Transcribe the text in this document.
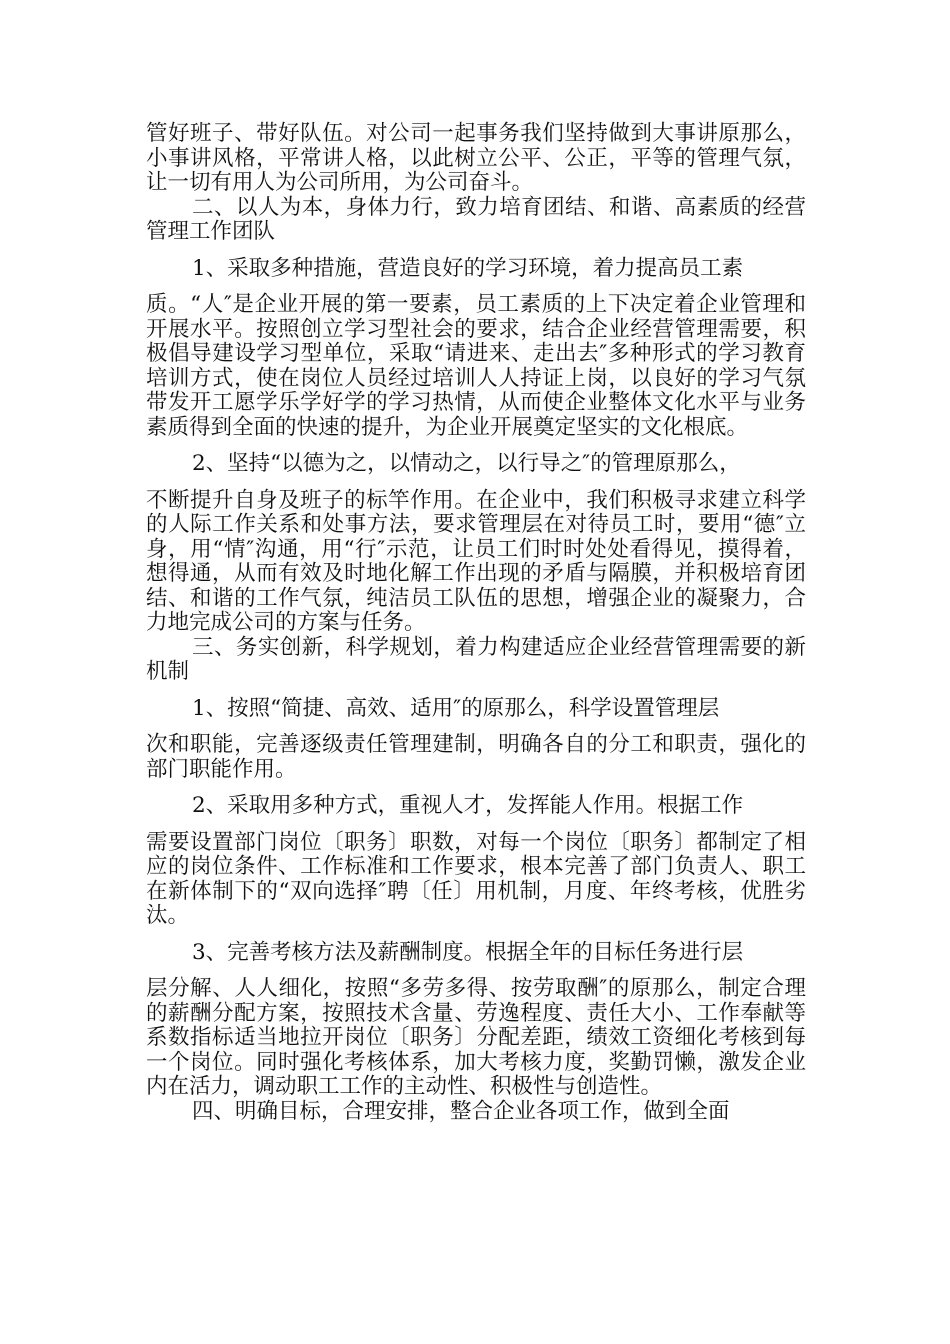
管好班子、带好队伍。对公司一起事务我们坚持做到大事讲原那么，小事讲风格，平常讲人格，以此树立公平、公正，平等的管理气氛，让一切有用人为公司所用，为公司奋斗。

二、以人为本，身体力行，致力培育团结、和谐、高素质的经营管理工作团队

1、采取多种措施，营造良好的学习环境，着力提高员工素
质。“人″是企业开展的第一要素，员工素质的上下决定着企业管理和开展水平。按照创立学习型社会的要求，结合企业经营管理需要，积极倡导建设学习型单位，采取“请进来、走出去″多种形式的学习教育培训方式，使在岗位人员经过培训人人持证上岗，以良好的学习气氛带发开工愿学乐学好学的学习热情，从而使企业整体文化水平与业务素质得到全面的快速的提升，为企业开展奠定坚实的文化根底。
2、坚持“以德为之，以情动之，以行导之″的管理原那么，
不断提升自身及班子的标竿作用。在企业中，我们积极寻求建立科学的人际工作关系和处事方法，要求管理层在对待员工时，要用“德″立身，用“情″沟通，用“行″示范，让员工们时时处处看得见，摸得着，想得通，从而有效及时地化解工作出现的矛盾与隔膜，并积极培育团结、和谐的工作气氛，纯洁员工队伍的思想，增强企业的凝聚力，合力地完成公司的方案与任务。

三、务实创新，科学规划，着力构建适应企业经营管理需要的新机制

1、按照“简捷、高效、适用″的原那么，科学设置管理层
次和职能，完善逐级责任管理建制，明确各自的分工和职责，强化的部门职能作用。
2、采取用多种方式，重视人才，发挥能人作用。根据工作
需要设置部门岗位〔职务〕职数，对每一个岗位〔职务〕都制定了相应的岗位条件、工作标准和工作要求，根本完善了部门负责人、职工在新体制下的“双向选择″聘〔任〕用机制，月度、年终考核，优胜劣汰。
3、完善考核方法及薪酬制度。根据全年的目标任务进行层
层分解、人人细化，按照“多劳多得、按劳取酬″的原那么，制定合理的薪酬分配方案，按照技术含量、劳逸程度、责任大小、工作奉献等系数指标适当地拉开岗位〔职务〕分配差距，绩效工资细化考核到每一个岗位。同时强化考核体系，加大考核力度，奖勤罚懒，激发企业内在活力，调动职工工作的主动性、积极性与创造性。

四、明确目标，合理安排，整合企业各项工作，做到全面
